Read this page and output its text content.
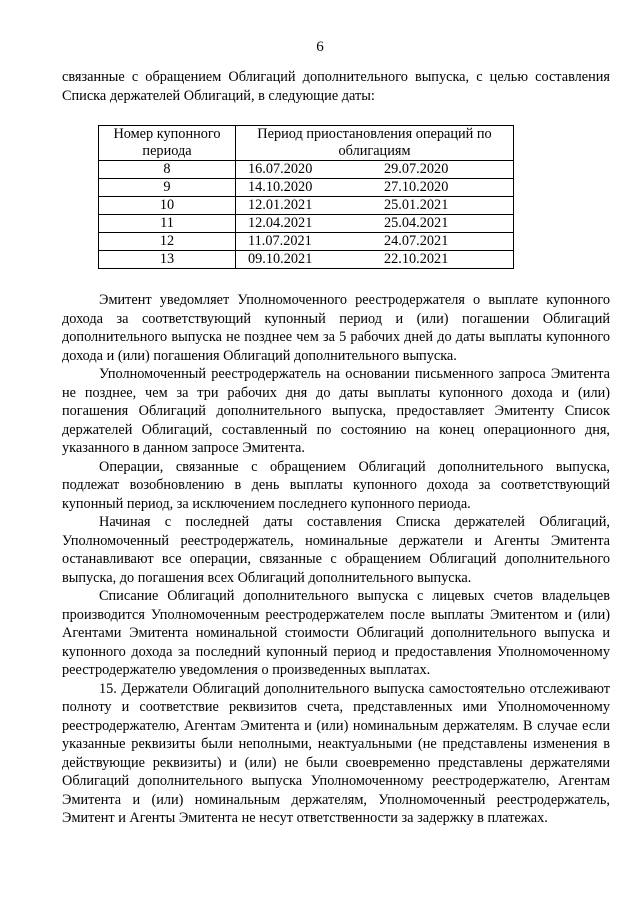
6

связанные с обращением Облигаций дополнительного выпуска, с целью составления Списка держателей Облигаций, в следующие даты:

Номер купонного периода	Период приостановления операций по облигациям	
8	16.07.2020	29.07.2020
9	14.10.2020	27.10.2020
10	12.01.2021	25.01.2021
11	12.04.2021	25.04.2021
12	11.07.2021	24.07.2021
13	09.10.2021	22.10.2021

Эмитент уведомляет Уполномоченного реестродержателя о выплате купонного дохода за соответствующий купонный период и (или) погашении Облигаций дополнительного выпуска не позднее чем за 5 рабочих дней до даты выплаты купонного дохода и (или) погашения Облигаций дополнительного выпуска.

Уполномоченный реестродержатель на основании письменного запроса Эмитента не позднее, чем за три рабочих дня до даты выплаты купонного дохода и (или) погашения Облигаций дополнительного выпуска, предоставляет Эмитенту Список держателей Облигаций, составленный по состоянию на конец операционного дня, указанного в данном запросе Эмитента.

Операции, связанные с обращением Облигаций дополнительного выпуска, подлежат возобновлению в день выплаты купонного дохода за соответствующий купонный период, за исключением последнего купонного периода.

Начиная с последней даты составления Списка держателей Облигаций, Уполномоченный реестродержатель, номинальные держатели и Агенты Эмитента останавливают все операции, связанные с обращением Облигаций дополнительного выпуска, до погашения всех Облигаций дополнительного выпуска.

Списание Облигаций дополнительного выпуска с лицевых счетов владельцев производится Уполномоченным реестродержателем после выплаты Эмитентом и (или) Агентами Эмитента номинальной стоимости Облигаций дополнительного выпуска и купонного дохода за последний купонный период и предоставления Уполномоченному реестродержателю уведомления о произведенных выплатах.

15. Держатели Облигаций дополнительного выпуска самостоятельно отслеживают полноту и соответствие реквизитов счета, представленных ими Уполномоченному реестродержателю, Агентам Эмитента и (или) номинальным держателям. В случае если указанные реквизиты были неполными, неактуальными (не представлены изменения в действующие реквизиты) и (или) не были своевременно представлены держателями Облигаций дополнительного выпуска Уполномоченному реестродержателю, Агентам Эмитента и (или) номинальным держателям, Уполномоченный реестродержатель, Эмитент и Агенты Эмитента не несут ответственности за задержку в платежах.
